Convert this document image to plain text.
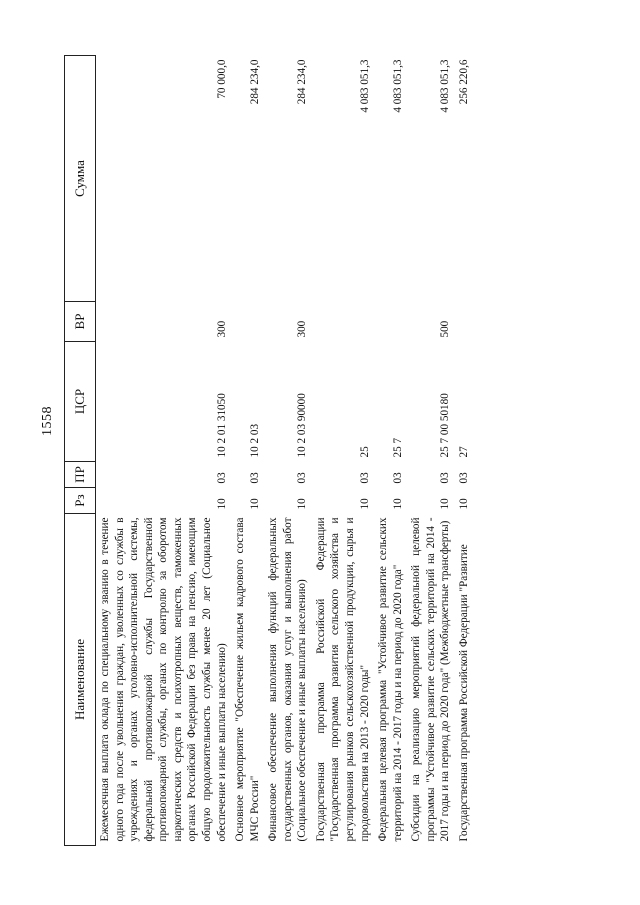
1558
Наименование	Рз	ПР	ЦСР	ВР	Сумма
Ежемесячная выплата оклада по специальному званию в течение одного года после увольнения граждан, уволенных со службы в учреждениях и органах уголовно-исполнительной системы, федеральной противопожарной службы Государственной противопожарной службы, органах по контролю за оборотом наркотических средств и психотропных веществ, таможенных органах Российской Федерации без права на пенсию, имеющим общую продолжительность службы менее 20 лет (Социальное обеспечение и иные выплаты населению)	10	03	10 2 01 31050	300	70 000,0
Основное мероприятие "Обеспечение жильем кадрового состава МЧС России"	10	03	10 2 03		284 234,0
Финансовое обеспечение выполнения функций федеральных государственных органов, оказания услуг и выполнения работ (Социальное обеспечение и иные выплаты населению)	10	03	10 2 03 90000	300	284 234,0
Государственная программа Российской Федерации "Государственная программа развития сельского хозяйства и регулирования рынков сельскохозяйственной продукции, сырья и продовольствия на 2013 - 2020 годы"	10	03	25		4 083 051,3
Федеральная целевая программа "Устойчивое развитие сельских территорий на 2014 - 2017 годы и на период до 2020 года"	10	03	25 7		4 083 051,3
Субсидии на реализацию мероприятий федеральной целевой программы "Устойчивое развитие сельских территорий на 2014 - 2017 годы и на период до 2020 года" (Межбюджетные трансферты)	10	03	25 7 00 50180	500	4 083 051,3
Государственная программа Российской Федерации "Развитие	10	03	27		256 220,6
